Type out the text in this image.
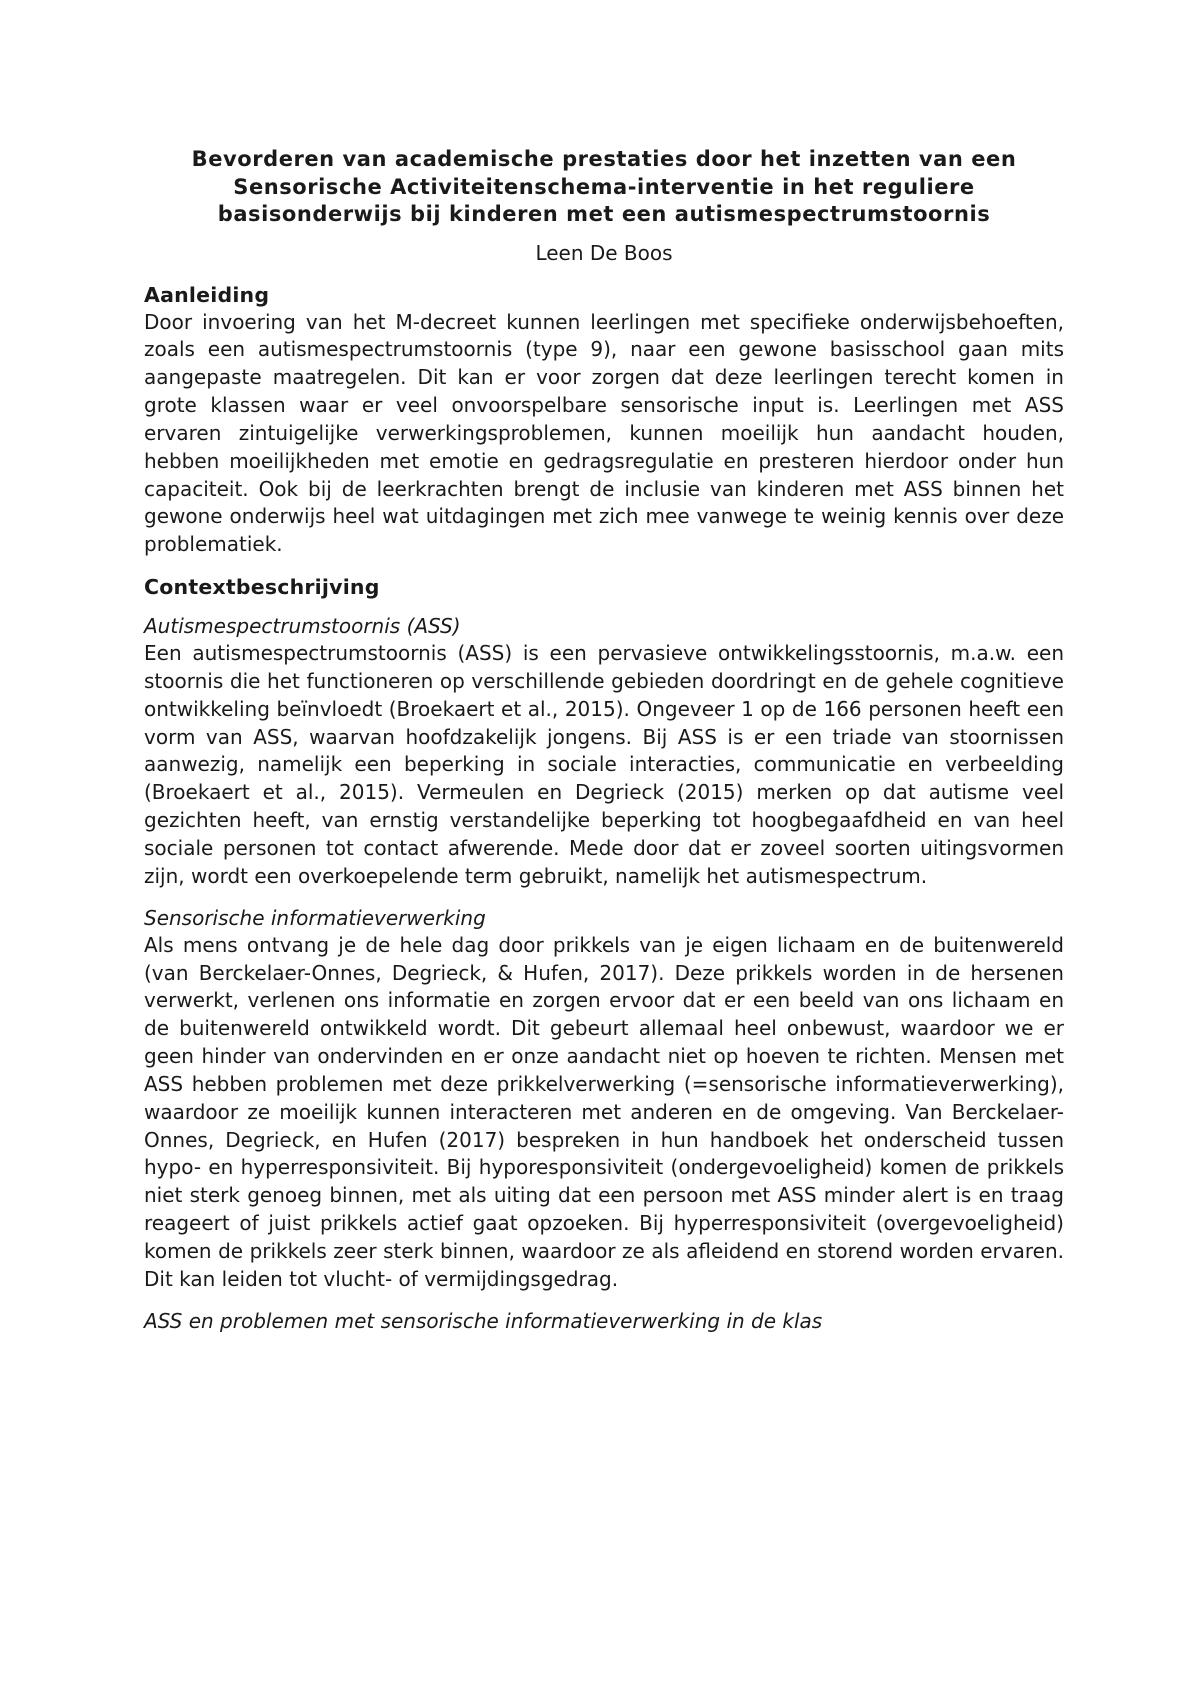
Bevorderen van academische prestaties door het inzetten van een
Sensorische Activiteitenschema-interventie in het reguliere
basisonderwijs bij kinderen met een autismespectrumstoornis
Leen De Boos
Aanleiding

Door invoering van het M-decreet kunnen leerlingen met specifieke onderwijsbehoeften, zoals een autismespectrumstoornis (type 9), naar een gewone basisschool gaan mits aangepaste maatregelen. Dit kan er voor zorgen dat deze leerlingen terecht komen in grote klassen waar er veel onvoorspelbare sensorische input is. Leerlingen met ASS ervaren zintuigelijke verwerkingsproblemen, kunnen moeilijk hun aandacht houden, hebben moeilijkheden met emotie en gedragsregulatie en presteren hierdoor onder hun capaciteit. Ook bij de leerkrachten brengt de inclusie van kinderen met ASS binnen het gewone onderwijs heel wat uitdagingen met zich mee vanwege te weinig kennis over deze problematiek.

Contextbeschrijving
Autismespectrumstoornis (ASS)

Een autismespectrumstoornis (ASS) is een pervasieve ontwikkelingsstoornis, m.a.w. een stoornis die het functioneren op verschillende gebieden doordringt en de gehele cognitieve ontwikkeling beïnvloedt (Broekaert et al., 2015). Ongeveer 1 op de 166 personen heeft een vorm van ASS, waarvan hoofdzakelijk jongens. Bij ASS is er een triade van stoornissen aanwezig, namelijk een beperking in sociale interacties, communicatie en verbeelding (Broekaert et al., 2015). Vermeulen en Degrieck (2015) merken op dat autisme veel gezichten heeft, van ernstig verstandelijke beperking tot hoogbegaafdheid en van heel sociale personen tot contact afwerende. Mede door dat er zoveel soorten uitingsvormen zijn, wordt een overkoepelende term gebruikt, namelijk het autismespectrum.

Sensorische informatieverwerking

Als mens ontvang je de hele dag door prikkels van je eigen lichaam en de buitenwereld (van Berckelaer-Onnes, Degrieck, & Hufen, 2017). Deze prikkels worden in de hersenen verwerkt, verlenen ons informatie en zorgen ervoor dat er een beeld van ons lichaam en de buitenwereld ontwikkeld wordt. Dit gebeurt allemaal heel onbewust, waardoor we er geen hinder van ondervinden en er onze aandacht niet op hoeven te richten. Mensen met ASS hebben problemen met deze prikkelverwerking (=sensorische informatieverwerking), waardoor ze moeilijk kunnen interacteren met anderen en de omgeving. Van Berckelaer-Onnes, Degrieck, en Hufen (2017) bespreken in hun handboek het onderscheid tussen hypo- en hyperresponsiviteit. Bij hyporesponsiviteit (ondergevoeligheid) komen de prikkels niet sterk genoeg binnen, met als uiting dat een persoon met ASS minder alert is en traag reageert of juist prikkels actief gaat opzoeken. Bij hyperresponsiviteit (overgevoeligheid) komen de prikkels zeer sterk binnen, waardoor ze als afleidend en storend worden ervaren. Dit kan leiden tot vlucht- of vermijdingsgedrag.

ASS en problemen met sensorische informatieverwerking in de klas
